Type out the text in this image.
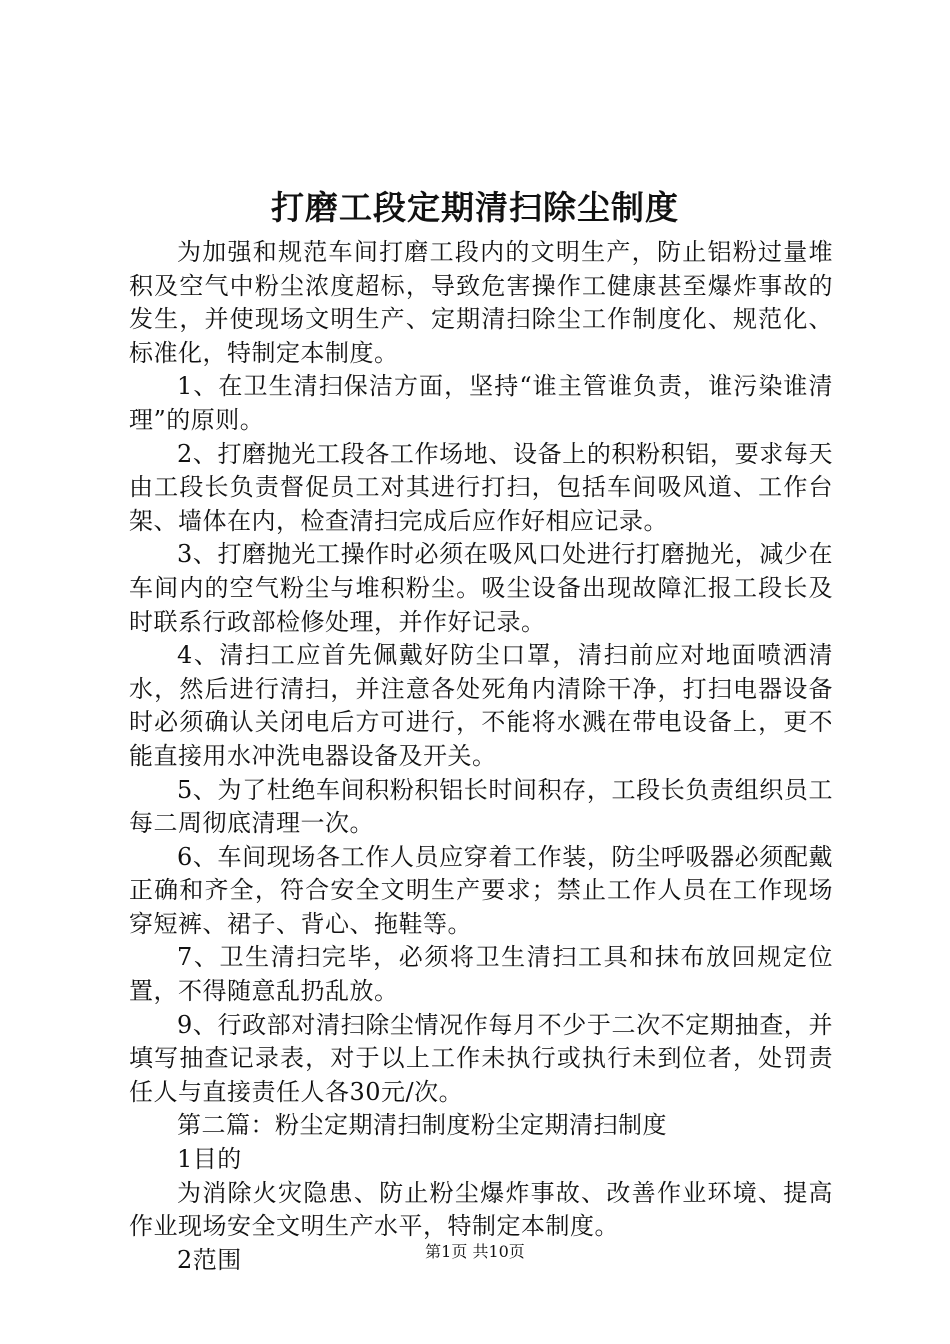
打磨工段定期清扫除尘制度

为加强和规范车间打磨工段内的文明生产，防止铝粉过量堆积及空气中粉尘浓度超标，导致危害操作工健康甚至爆炸事故的发生，并使现场文明生产、定期清扫除尘工作制度化、规范化、标准化，特制定本制度。

1、在卫生清扫保洁方面，坚持“谁主管谁负责，谁污染谁清理”的原则。

2、打磨抛光工段各工作场地、设备上的积粉积铝，要求每天由工段长负责督促员工对其进行打扫，包括车间吸风道、工作台架、墙体在内，检查清扫完成后应作好相应记录。

3、打磨抛光工操作时必须在吸风口处进行打磨抛光，减少在车间内的空气粉尘与堆积粉尘。吸尘设备出现故障汇报工段长及时联系行政部检修处理，并作好记录。

4、清扫工应首先佩戴好防尘口罩，清扫前应对地面喷洒清水，然后进行清扫，并注意各处死角内清除干净，打扫电器设备时必须确认关闭电后方可进行，不能将水溅在带电设备上，更不能直接用水冲洗电器设备及开关。

5、为了杜绝车间积粉积铝长时间积存，工段长负责组织员工每二周彻底清理一次。

6、车间现场各工作人员应穿着工作装，防尘呼吸器必须配戴正确和齐全，符合安全文明生产要求；禁止工作人员在工作现场穿短裤、裙子、背心、拖鞋等。

7、卫生清扫完毕，必须将卫生清扫工具和抹布放回规定位置，不得随意乱扔乱放。

9、行政部对清扫除尘情况作每月不少于二次不定期抽查，并填写抽查记录表，对于以上工作未执行或执行未到位者，处罚责任人与直接责任人各30元/次。

第二篇：粉尘定期清扫制度粉尘定期清扫制度

1目的

为消除火灾隐患、防止粉尘爆炸事故、改善作业环境、提高作业现场安全文明生产水平，特制定本制度。

2范围	第1页 共10页
